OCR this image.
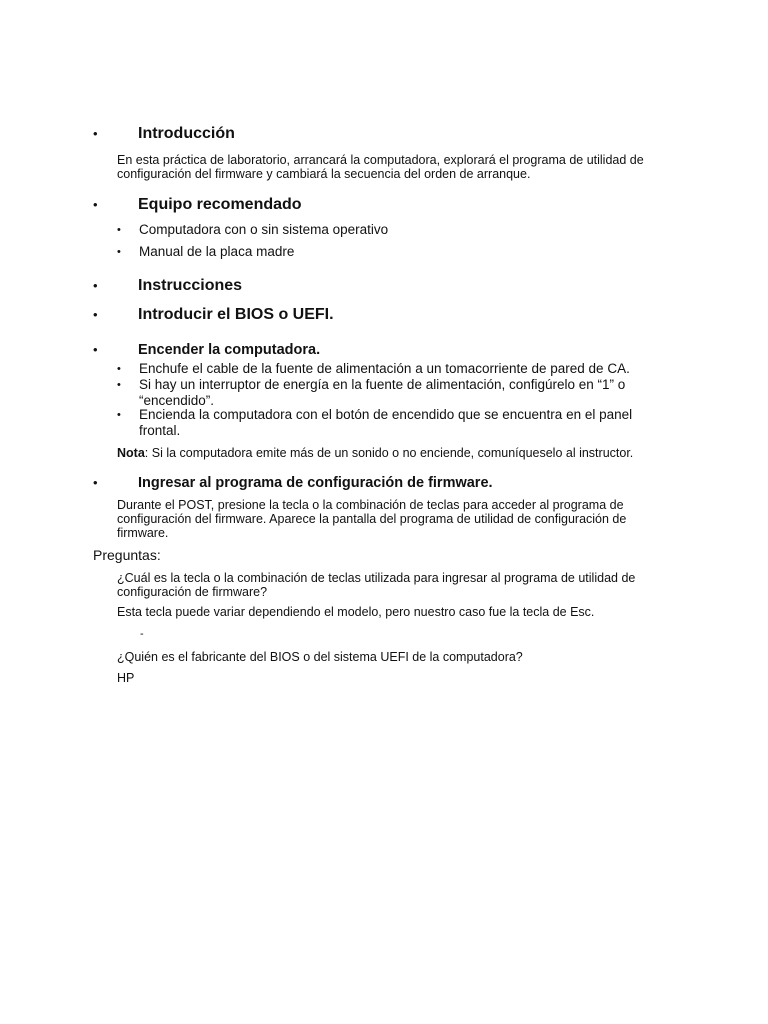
•	Introducción
En esta práctica de laboratorio, arrancará la computadora, explorará el programa de utilidad de configuración del firmware y cambiará la secuencia del orden de arranque.
•	Equipo recomendado
• Computadora con o sin sistema operativo
• Manual de la placa madre
•	Instrucciones
•	Introducir el BIOS o UEFI.
•	Encender la computadora.
• Enchufe el cable de la fuente de alimentación a un tomacorriente de pared de CA.
• Si hay un interruptor de energía en la fuente de alimentación, configúrelo en “1” o “encendido”.
• Encienda la computadora con el botón de encendido que se encuentra en el panel frontal.
Nota: Si la computadora emite más de un sonido o no enciende, comuníqueselo al instructor.
•	Ingresar al programa de configuración de firmware.
Durante el POST, presione la tecla o la combinación de teclas para acceder al programa de configuración del firmware. Aparece la pantalla del programa de utilidad de configuración de firmware.
Preguntas:
¿Cuál es la tecla o la combinación de teclas utilizada para ingresar al programa de utilidad de configuración de firmware?
Esta tecla puede variar dependiendo el modelo, pero nuestro caso fue la tecla de Esc.
-
¿Quién es el fabricante del BIOS o del sistema UEFI de la computadora?
HP
